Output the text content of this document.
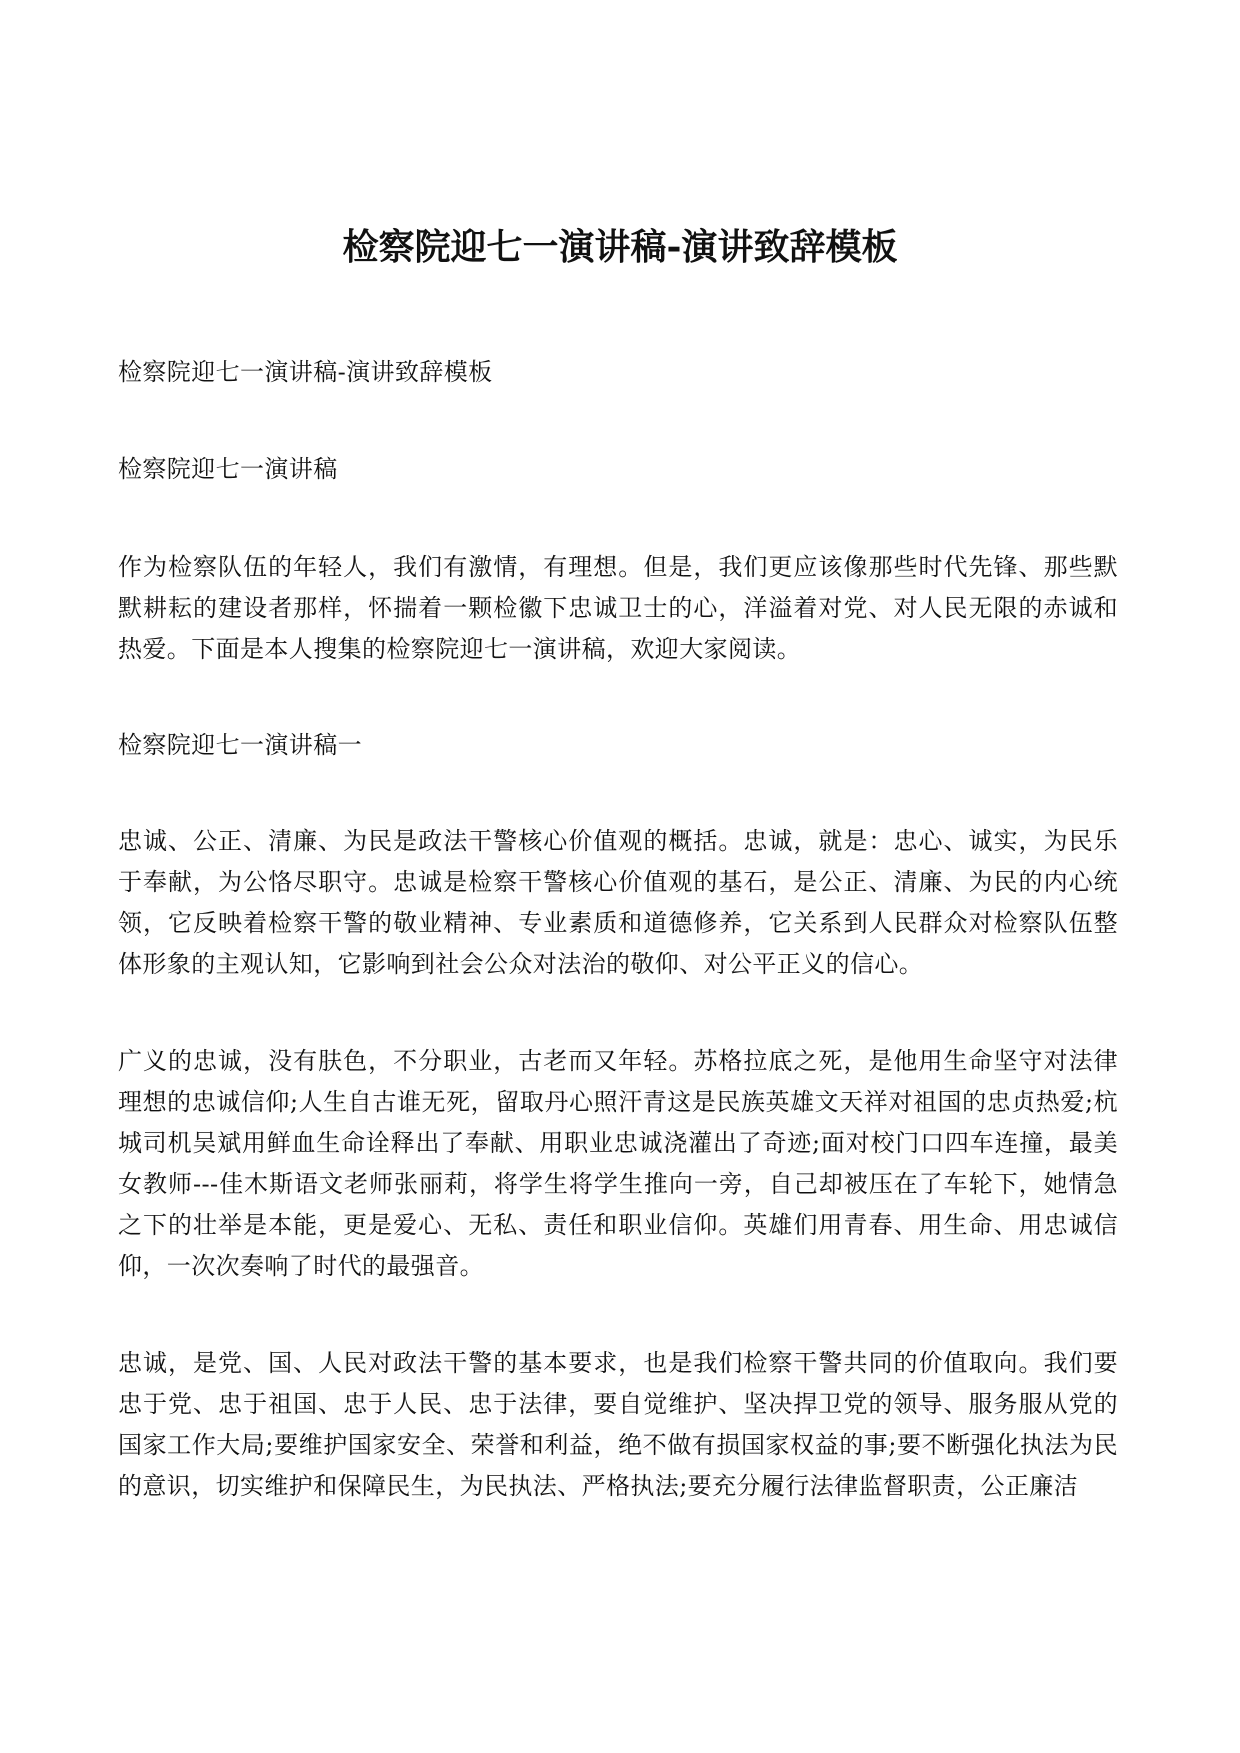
检察院迎七一演讲稿-演讲致辞模板

检察院迎七一演讲稿-演讲致辞模板

检察院迎七一演讲稿

作为检察队伍的年轻人，我们有激情，有理想。但是，我们更应该像那些时代先锋、那些默默耕耘的建设者那样，怀揣着一颗检徽下忠诚卫士的心，洋溢着对党、对人民无限的赤诚和热爱。下面是本人搜集的检察院迎七一演讲稿，欢迎大家阅读。

检察院迎七一演讲稿一

忠诚、公正、清廉、为民是政法干警核心价值观的概括。忠诚，就是：忠心、诚实，为民乐于奉献，为公恪尽职守。忠诚是检察干警核心价值观的基石，是公正、清廉、为民的内心统领，它反映着检察干警的敬业精神、专业素质和道德修养，它关系到人民群众对检察队伍整体形象的主观认知，它影响到社会公众对法治的敬仰、对公平正义的信心。

广义的忠诚，没有肤色，不分职业，古老而又年轻。苏格拉底之死，是他用生命坚守对法律理想的忠诚信仰;人生自古谁无死，留取丹心照汗青这是民族英雄文天祥对祖国的忠贞热爱;杭城司机吴斌用鲜血生命诠释出了奉献、用职业忠诚浇灌出了奇迹;面对校门口四车连撞，最美女教师---佳木斯语文老师张丽莉，将学生将学生推向一旁，自己却被压在了车轮下，她情急之下的壮举是本能，更是爱心、无私、责任和职业信仰。英雄们用青春、用生命、用忠诚信仰，一次次奏响了时代的最强音。

忠诚，是党、国、人民对政法干警的基本要求，也是我们检察干警共同的价值取向。我们要忠于党、忠于祖国、忠于人民、忠于法律，要自觉维护、坚决捍卫党的领导、服务服从党的国家工作大局;要维护国家安全、荣誉和利益，绝不做有损国家权益的事;要不断强化执法为民的意识，切实维护和保障民生，为民执法、严格执法;要充分履行法律监督职责，公正廉洁
